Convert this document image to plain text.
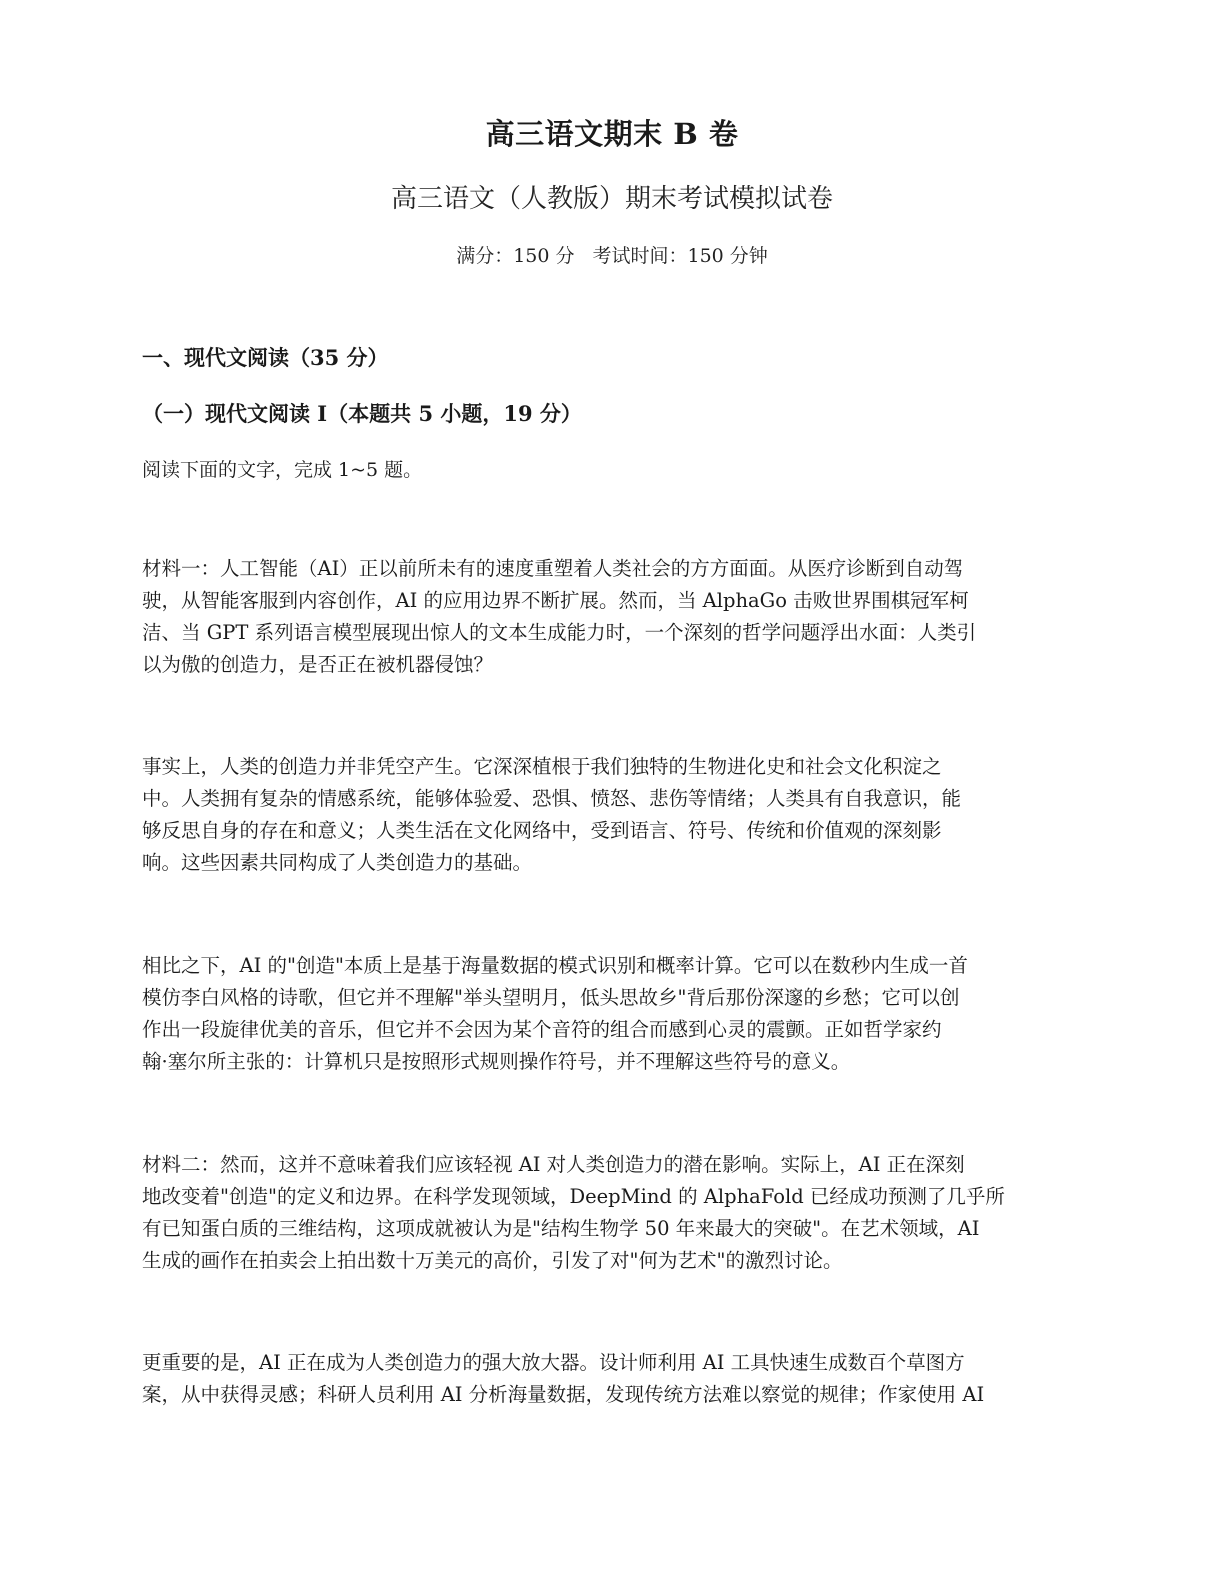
高三语文期末 B 卷
高三语文（人教版）期末考试模拟试卷
满分：150 分 考试时间：150 分钟
一、现代文阅读（35 分）
（一）现代文阅读 I（本题共 5 小题，19 分）
阅读下面的文字，完成 1~5 题。
材料一：人工智能（AI）正以前所未有的速度重塑着人类社会的方方面面。从医疗诊断到自动驾
驶，从智能客服到内容创作，AI 的应用边界不断扩展。然而，当 AlphaGo 击败世界围棋冠军柯
洁、当 GPT 系列语言模型展现出惊人的文本生成能力时，一个深刻的哲学问题浮出水面：人类引
以为傲的创造力，是否正在被机器侵蚀？
事实上，人类的创造力并非凭空产生。它深深植根于我们独特的生物进化史和社会文化积淀之
中。人类拥有复杂的情感系统，能够体验爱、恐惧、愤怒、悲伤等情绪；人类具有自我意识，能
够反思自身的存在和意义；人类生活在文化网络中，受到语言、符号、传统和价值观的深刻影
响。这些因素共同构成了人类创造力的基础。
相比之下，AI 的"创造"本质上是基于海量数据的模式识别和概率计算。它可以在数秒内生成一首
模仿李白风格的诗歌，但它并不理解"举头望明月，低头思故乡"背后那份深邃的乡愁；它可以创
作出一段旋律优美的音乐，但它并不会因为某个音符的组合而感到心灵的震颤。正如哲学家约
翰·塞尔所主张的：计算机只是按照形式规则操作符号，并不理解这些符号的意义。
材料二：然而，这并不意味着我们应该轻视 AI 对人类创造力的潜在影响。实际上，AI 正在深刻
地改变着"创造"的定义和边界。在科学发现领域，DeepMind 的 AlphaFold 已经成功预测了几乎所
有已知蛋白质的三维结构，这项成就被认为是"结构生物学 50 年来最大的突破"。在艺术领域，AI
生成的画作在拍卖会上拍出数十万美元的高价，引发了对"何为艺术"的激烈讨论。
更重要的是，AI 正在成为人类创造力的强大放大器。设计师利用 AI 工具快速生成数百个草图方
案，从中获得灵感；科研人员利用 AI 分析海量数据，发现传统方法难以察觉的规律；作家使用 AI
